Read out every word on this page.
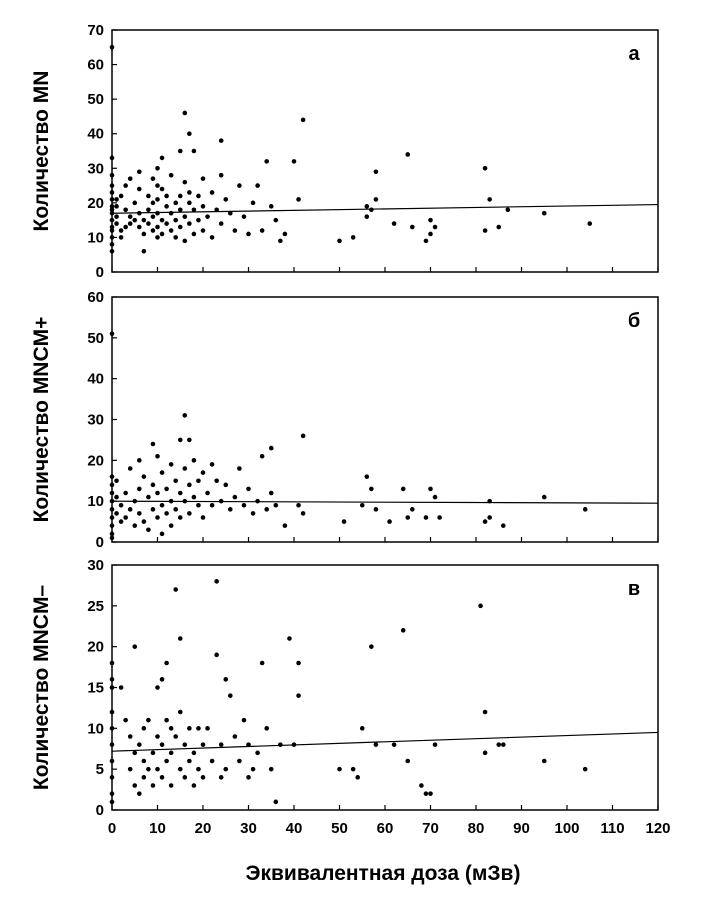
0
10
20
30
40
50
60
70
Количество MN
а
0
10
20
30
40
50
60
Количество MNCM+	б
0
5
10
15
20
25
30
Количество MNCM–	в
0 10 20 30 40 50 60 70 80 90 100 110 120
Эквивалентная доза (мЗв)
